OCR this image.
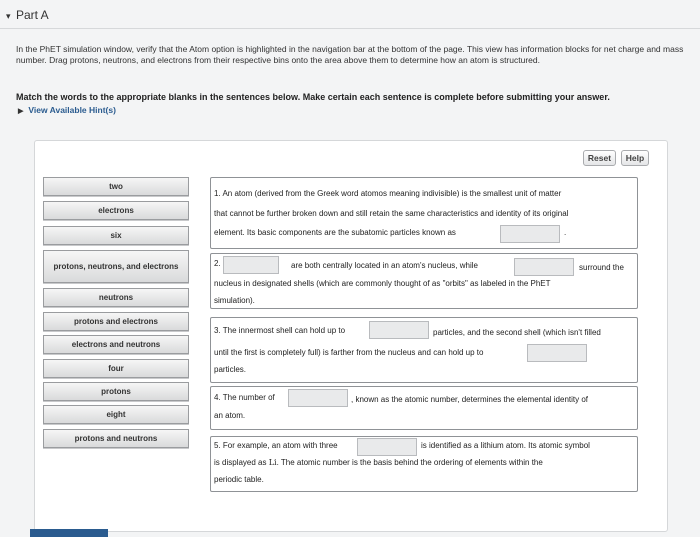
▾ Part A
In the PhET simulation window, verify that the Atom option is highlighted in the navigation bar at the bottom of the page. This view has information blocks for net charge and mass number. Drag protons, neutrons, and electrons from their respective bins onto the area above them to determine how an atom is structured.
Match the words to the appropriate blanks in the sentences below. Make certain each sentence is complete before submitting your answer.
▶ View Available Hint(s)
Reset	Help
two
electrons
six
protons, neutrons, and electrons
neutrons
protons and electrons
electrons and neutrons
four
protons
eight
protons and neutrons
1. An atom (derived from the Greek word atomos meaning indivisible) is the smallest unit of matter
that cannot be further broken down and still retain the same characteristics and identity of its original
element. Its basic components are the subatomic particles known as	.
2.	are both centrally located in an atom's nucleus, while	surround the
nucleus in designated shells (which are commonly thought of as "orbits" as labeled in the PhET
simulation).
3. The innermost shell can hold up to	particles, and the second shell (which isn't filled
until the first is completely full) is farther from the nucleus and can hold up to
particles.
4. The number of	, known as the atomic number, determines the elemental identity of
an atom.
5. For example, an atom with three	is identified as a lithium atom. Its atomic symbol
is displayed as Li. The atomic number is the basis behind the ordering of elements within the
periodic table.
